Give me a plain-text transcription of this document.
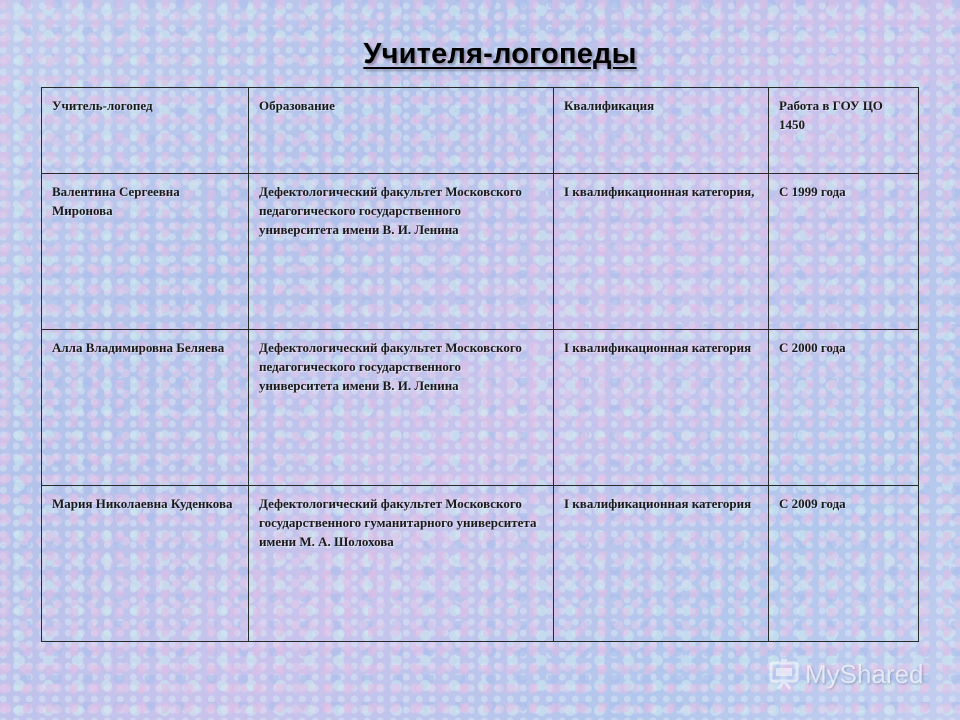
Учителя-логопеды
Учитель-логопед	Образование	Квалификация	Работа в ГОУ ЦО 1450
Валентина Сергеевна Миронова	Дефектологический факультет Московского педагогического государственного университета имени В. И. Ленина	I квалификационная категория,	С 1999 года
Алла Владимировна Беляева	Дефектологический факультет Московского педагогического государственного университета имени В. И. Ленина	I квалификационная категория	С 2000 года
Мария Николаевна Куденкова	Дефектологический факультет Московского государственного гуманитарного университета имени М. А. Шолохова	I квалификационная категория	С 2009 года
MyShared
